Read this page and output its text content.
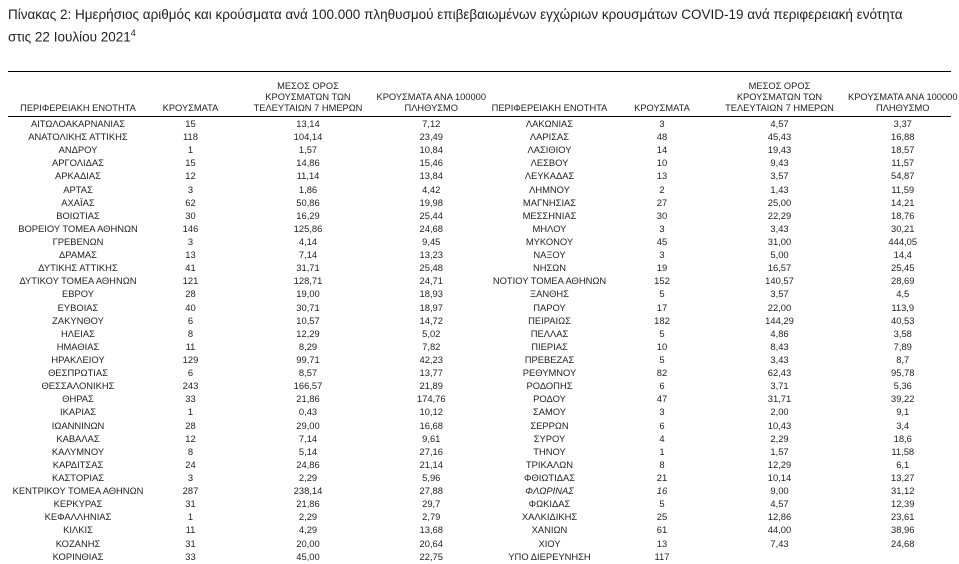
Πίνακας 2: Ημερήσιος αριθμός και κρούσματα ανά 100.000 πληθυσμού επιβεβαιωμένων εγχώριων κρουσμάτων COVID-19 ανά περιφερειακή ενότητα στις 22 Ιουλίου 2021$^4$
ΠΕΡΙΦΕΡΕΙΑΚΗ ΕΝΟΤΗΤΑ	ΚΡΟΥΣΜΑΤΑ
ΜΕΣΟΣ ΟΡΟΣ
ΚΡΟΥΣΜΑΤΩΝ ΤΩΝ
ΤΕΛΕΥΤΑΙΩΝ 7 ΗΜΕΡΩΝ
ΚΡΟΥΣΜΑΤΑ ΑΝΑ 100000
ΠΛΗΘΥΣΜΟ	ΠΕΡΙΦΕΡΕΙΑΚΗ ΕΝΟΤΗΤΑ	ΚΡΟΥΣΜΑΤΑ
ΜΕΣΟΣ ΟΡΟΣ
ΚΡΟΥΣΜΑΤΩΝ ΤΩΝ
ΤΕΛΕΥΤΑΙΩΝ 7 ΗΜΕΡΩΝ
ΚΡΟΥΣΜΑΤΑ ΑΝΑ 100000
ΠΛΗΘΥΣΜΟ
ΑΙΤΩΛΟΑΚΑΡΝΑΝΙΑΣ	15	13,14	7,12
ΑΝΑΤΟΛΙΚΗΣ ΑΤΤΙΚΗΣ	118	104,14	23,49
ΑΝΔΡΟΥ	1	1,57	10,84
ΑΡΓΟΛΙΔΑΣ	15	14,86	15,46
ΑΡΚΑΔΙΑΣ	12	11,14	13,84
ΑΡΤΑΣ	3	1,86	4,42
ΑΧΑΪΑΣ	62	50,86	19,98
ΒΟΙΩΤΙΑΣ	30	16,29	25,44
ΒΟΡΕΙΟΥ ΤΟΜΕΑ ΑΘΗΝΩΝ	146	125,86	24,68
ΓΡΕΒΕΝΩΝ	3	4,14	9,45
ΔΡΑΜΑΣ	13	7,14	13,23
ΔΥΤΙΚΗΣ ΑΤΤΙΚΗΣ	41	31,71	25,48
ΔΥΤΙΚΟΥ ΤΟΜΕΑ ΑΘΗΝΩΝ	121	128,71	24,71
ΕΒΡΟΥ	28	19,00	18,93
ΕΥΒΟΙΑΣ	40	30,71	18,97
ΖΑΚΥΝΘΟΥ	6	10,57	14,72
ΗΛΕΙΑΣ	8	12,29	5,02
ΗΜΑΘΙΑΣ	11	8,29	7,82
ΗΡΑΚΛΕΙΟΥ	129	99,71	42,23
ΘΕΣΠΡΩΤΙΑΣ	6	8,57	13,77
ΘΕΣΣΑΛΟΝΙΚΗΣ	243	166,57	21,89
ΘΗΡΑΣ	33	21,86	174,76
ΙΚΑΡΙΑΣ	1	0,43	10,12
ΙΩΑΝΝΙΝΩΝ	28	29,00	16,68
ΚΑΒΑΛΑΣ	12	7,14	9,61
ΚΑΛΥΜΝΟΥ	8	5,14	27,16
ΚΑΡΔΙΤΣΑΣ	24	24,86	21,14
ΚΑΣΤΟΡΙΑΣ	3	2,29	5,96
ΚΕΝΤΡΙΚΟΥ ΤΟΜΕΑ ΑΘΗΝΩΝ	287	238,14	27,88
ΚΕΡΚΥΡΑΣ	31	21,86	29,7
ΚΕΦΑΛΛΗΝΙΑΣ	1	2,29	2,79
ΚΙΛΚΙΣ	11	4,29	13,68
ΚΟΖΑΝΗΣ	31	20,00	20,64
ΚΟΡΙΝΘΙΑΣ	33	45,00	22,75
ΛΑΚΩΝΙΑΣ	3	4,57	3,37
ΛΑΡΙΣΑΣ	48	45,43	16,88
ΛΑΣΙΘΙΟΥ	14	19,43	18,57
ΛΕΣΒΟΥ	10	9,43	11,57
ΛΕΥΚΑΔΑΣ	13	3,57	54,87
ΛΗΜΝΟΥ	2	1,43	11,59
ΜΑΓΝΗΣΙΑΣ	27	25,00	14,21
ΜΕΣΣΗΝΙΑΣ	30	22,29	18,76
ΜΗΛΟΥ	3	3,43	30,21
ΜΥΚΟΝΟΥ	45	31,00	444,05
ΝΑΞΟΥ	3	5,00	14,4
ΝΗΣΩΝ	19	16,57	25,45
ΝΟΤΙΟΥ ΤΟΜΕΑ ΑΘΗΝΩΝ	152	140,57	28,69
ΞΑΝΘΗΣ	5	3,57	4,5
ΠΑΡΟΥ	17	22,00	113,9
ΠΕΙΡΑΙΩΣ	182	144,29	40,53
ΠΕΛΛΑΣ	5	4,86	3,58
ΠΙΕΡΙΑΣ	10	8,43	7,89
ΠΡΕΒΕΖΑΣ	5	3,43	8,7
ΡΕΘΥΜΝΟΥ	82	62,43	95,78
ΡΟΔΟΠΗΣ	6	3,71	5,36
ΡΟΔΟΥ	47	31,71	39,22
ΣΑΜΟΥ	3	2,00	9,1
ΣΕΡΡΩΝ	6	10,43	3,4
ΣΥΡΟΥ	4	2,29	18,6
ΤΗΝΟΥ	1	1,57	11,58
ΤΡΙΚΑΛΩΝ	8	12,29	6,1
ΦΘΙΩΤΙΔΑΣ	21	10,14	13,27
ΦΛΩΡΙΝΑΣ	16	9,00	31,12
ΦΩΚΙΔΑΣ	5	4,57	12,39
ΧΑΛΚΙΔΙΚΗΣ	25	12,86	23,61
ΧΑΝΙΩΝ	61	44,00	38,96
ΧΙΟΥ	13	7,43	24,68
ΥΠΟ ΔΙΕΡΕΥΝΗΣΗ	117
